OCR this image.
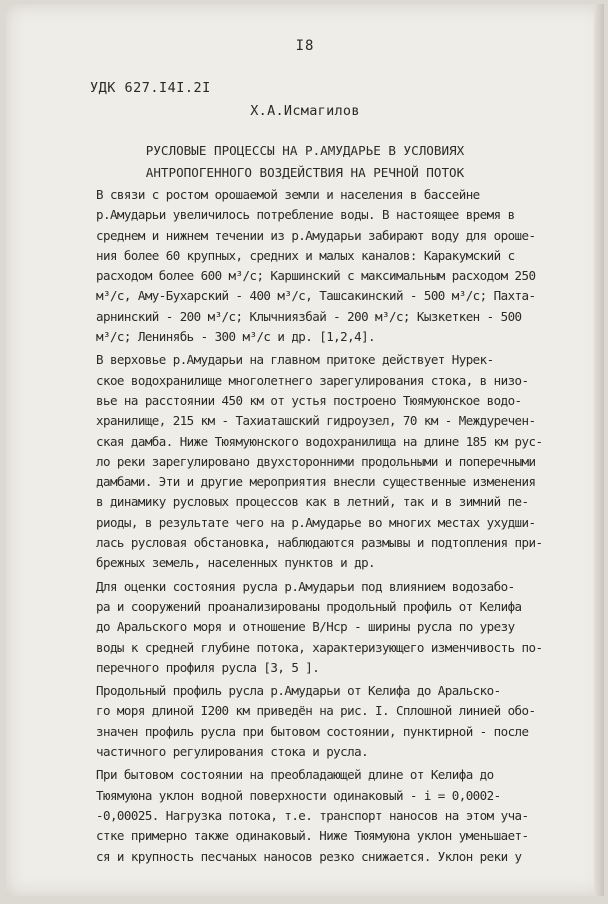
I8
УДК 627.I4I.2I
Х.А.Исмагилов
РУСЛОВЫЕ ПРОЦЕССЫ НА Р.АМУДАРЬЕ В УСЛОВИЯХ
АНТРОПОГЕННОГО ВОЗДЕЙСТВИЯ НА РЕЧНОЙ ПОТОК
В связи с ростом орошаемой земли и населения в бассейне
р.Амударьи увеличилось потребление воды. В настоящее время в
среднем и нижнем течении из р.Амударьи забирают воду для ороше-
ния более 60 крупных, средних и малых каналов: Каракумский с
расходом более 600 м³/с; Каршинский с максимальным расходом 250
м³/с, Аму-Бухарский - 400 м³/с, Ташсакинский - 500 м³/с; Пахта-
арнинский - 200 м³/с; Клычниязбай - 200 м³/с; Кызкеткен - 500
м³/с; Ленинябь - 300 м³/с и др. [1,2,4].
В верховье р.Амударьи на главном притоке действует Нурек-
ское водохранилище многолетнего зарегулирования стока, в низо-
вье на расстоянии 450 км от устья построено Тюямуюнское водо-
хранилище, 215 км - Тахиаташский гидроузел, 70 км - Междуречен-
ская дамба. Ниже Тюямуюнского водохранилища на длине 185 км рус-
ло реки зарегулировано двухсторонними продольными и поперечными
дамбами. Эти и другие мероприятия внесли существенные изменения
в динамику русловых процессов как в летний, так и в зимний пе-
риоды, в результате чего на р.Амударье во многих местах ухудши-
лась русловая обстановка, наблюдаются размывы и подтопления при-
брежных земель, населенных пунктов и др.
Для оценки состояния русла р.Амударьи под влиянием водозабо-
ра и сооружений проанализированы продольный профиль от Келифа
до Аральского моря и отношение В/Нср - ширины русла по урезу
воды к средней глубине потока, характеризующего изменчивость по-
перечного профиля русла [3, 5 ].
Продольный профиль русла р.Амударьи от Келифа до Аральско-
го моря длиной I200 км приведён на рис. I. Сплошной линией обо-
значен профиль русла при бытовом состоянии, пунктирной - после
частичного регулирования стока и русла.
При бытовом состоянии на преобладающей длине от Келифа до
Тюямуюна уклон водной поверхности одинаковый - i = 0,0002-
-0,00025. Нагрузка потока, т.е. транспорт наносов на этом уча-
стке примерно также одинаковый. Ниже Тюямуюна уклон уменьшает-
ся и крупность песчаных наносов резко снижается. Уклон реки у
